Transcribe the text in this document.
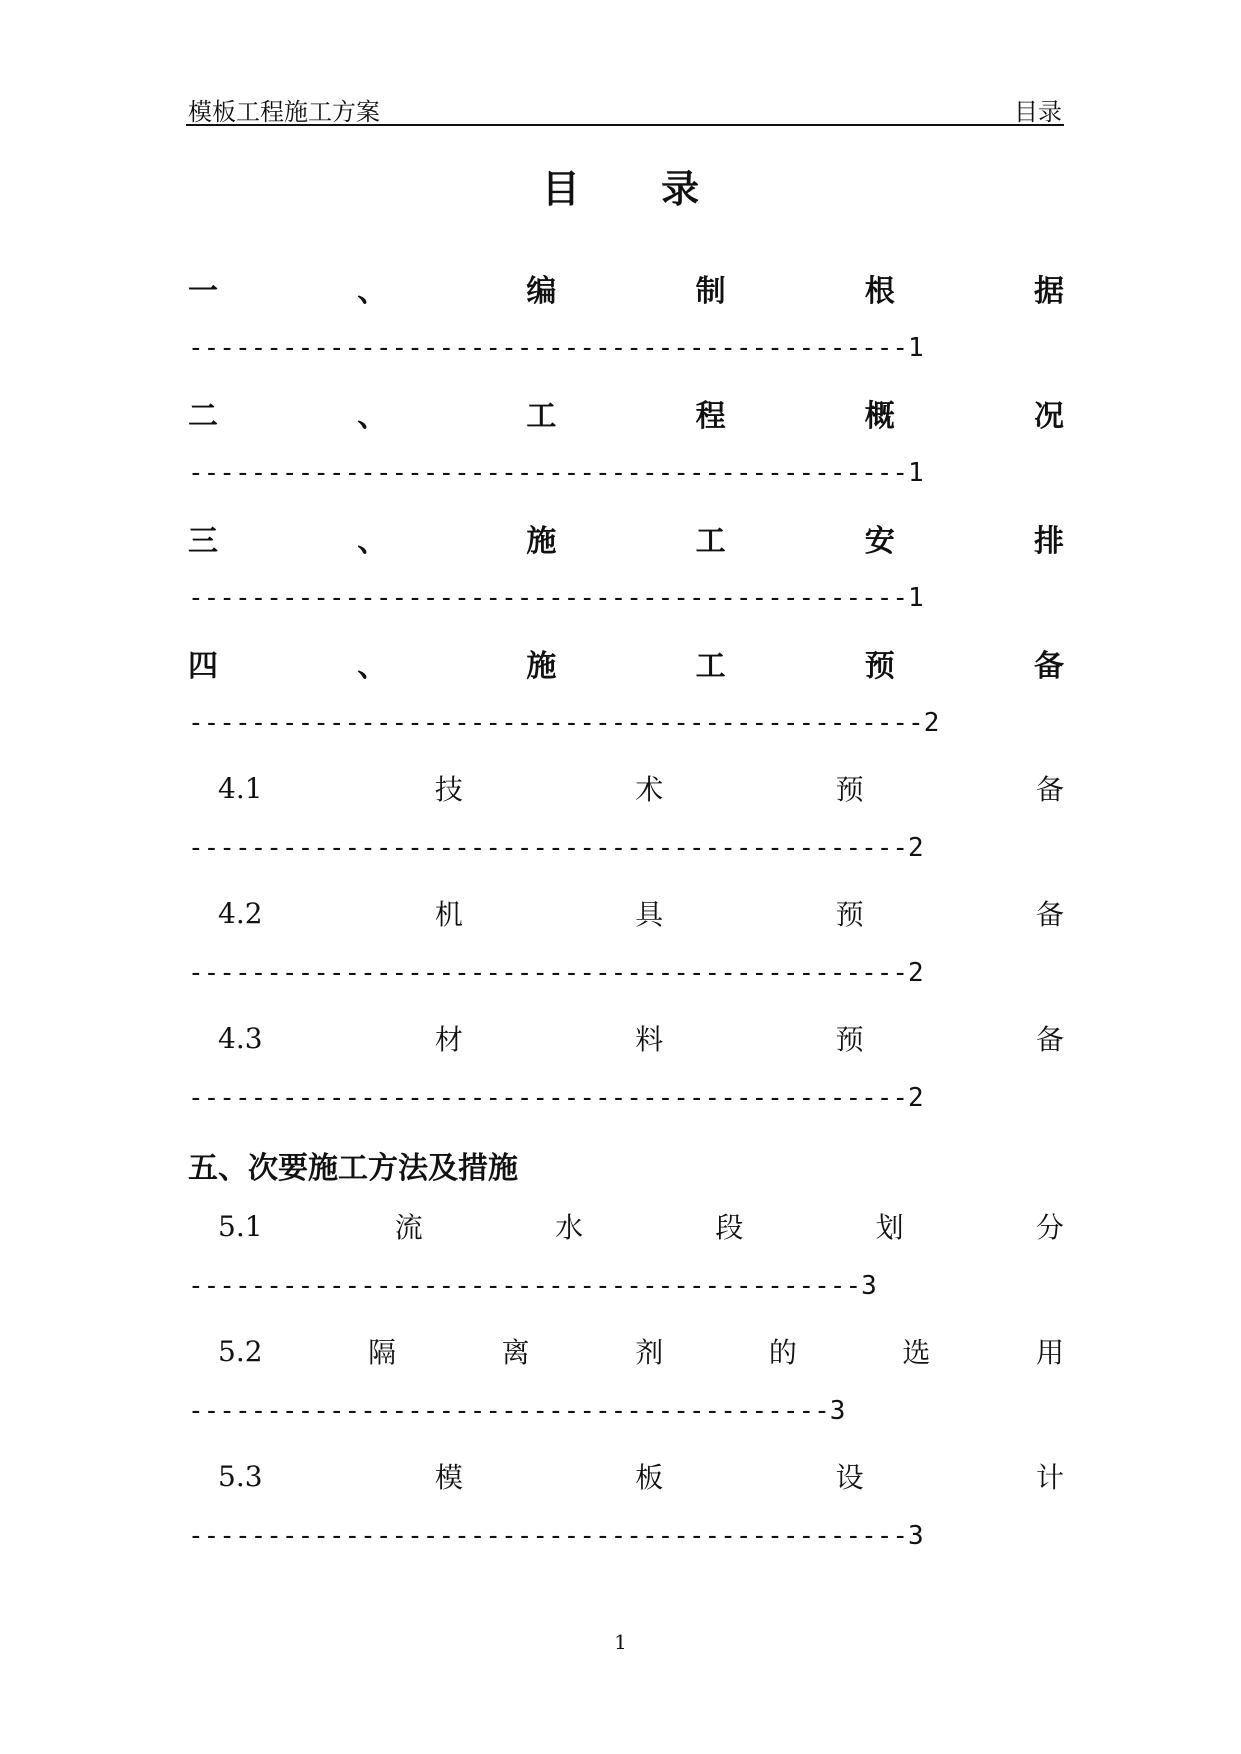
模板工程施工方案	目录
目 录
一	、	编	制	根	据
----------------------------------------------1
二	、	工	程	概	况
----------------------------------------------1
三	、	施	工	安	排
----------------------------------------------1
四	、	施	工	预	备
-----------------------------------------------2
4.1	技	术	预	备
----------------------------------------------2
4.2	机	具	预	备
----------------------------------------------2
4.3	材	料	预	备
----------------------------------------------2
五、次要施工方法及措施
5.1	流	水	段	划	分
-------------------------------------------3
5.2	隔	离	剂	的	选	用
-----------------------------------------3
5.3	模	板	设	计
----------------------------------------------3
1
